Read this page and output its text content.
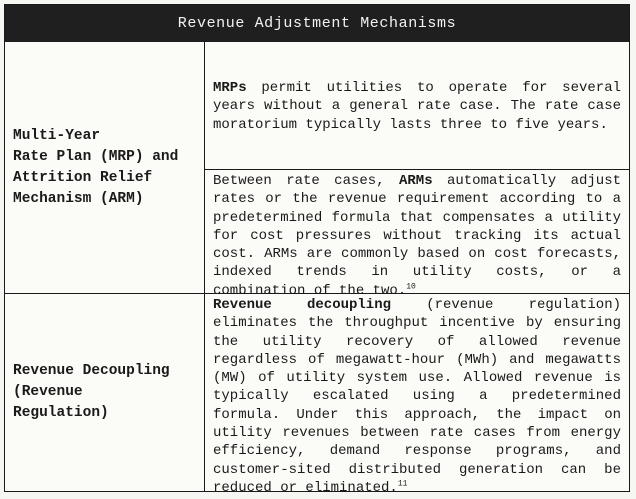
Revenue Adjustment Mechanisms

Multi-Year
Rate Plan (MRP) and
Attrition Relief
Mechanism (ARM)

MRPs permit utilities to operate for several years without a general rate case. The rate case moratorium typically lasts three to five years.

Between rate cases, ARMs automatically adjust rates or the revenue requirement according to a predetermined formula that compensates a utility for cost pressures without tracking its actual cost. ARMs are commonly based on cost forecasts, indexed trends in utility costs, or a combination of the two.$^{10}$

Revenue Decoupling
(Revenue
Regulation)

Revenue decoupling (revenue regulation) eliminates the throughput incentive by ensuring the utility recovery of allowed revenue regardless of megawatt-hour (MWh) and megawatts (MW) of utility system use. Allowed revenue is typically escalated using a predetermined formula. Under this approach, the impact on utility revenues between rate cases from energy efficiency, demand response programs, and customer-sited distributed generation can be reduced or eliminated.$^{11}$
